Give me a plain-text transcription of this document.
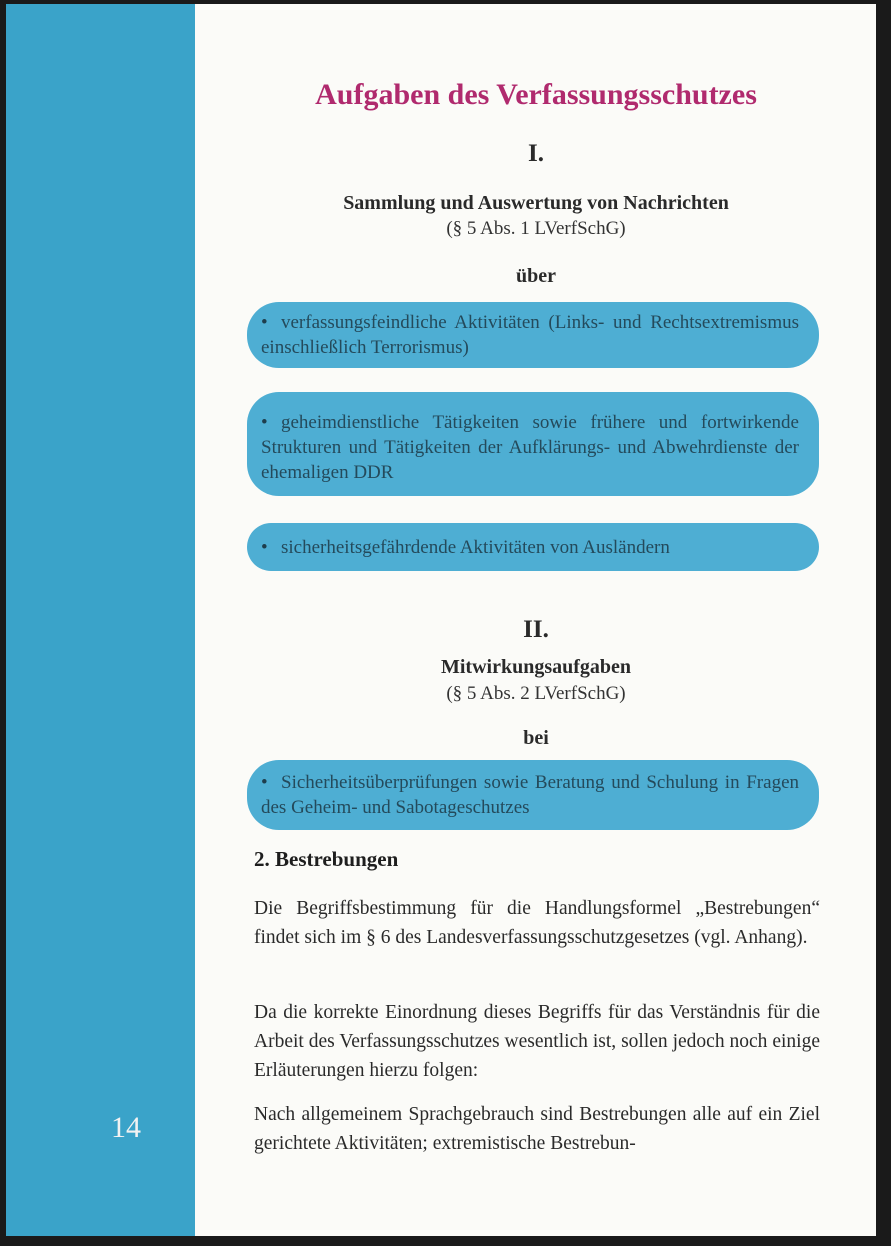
14
Aufgaben des Verfassungsschutzes
I.
Sammlung und Auswertung von Nachrichten
(§ 5 Abs. 1 LVerfSchG)
über
• verfassungsfeindliche Aktivitäten (Links- und Rechtsextremismus einschließlich Terrorismus)
• geheimdienstliche Tätigkeiten sowie frühere und fortwirkende Strukturen und Tätigkeiten der Aufklärungs- und Abwehrdienste der ehemaligen DDR
• sicherheitsgefährdende Aktivitäten von Ausländern
II.
Mitwirkungsaufgaben
(§ 5 Abs. 2 LVerfSchG)
bei
• Sicherheitsüberprüfungen sowie Beratung und Schulung in Fragen des Geheim- und Sabotageschutzes
2. Bestrebungen
Die Begriffsbestimmung für die Handlungsformel „Bestrebungen“ findet sich im § 6 des Landesverfassungsschutzgesetzes (vgl. Anhang).
Da die korrekte Einordnung dieses Begriffs für das Verständnis für die Arbeit des Verfassungsschutzes wesentlich ist, sollen jedoch noch einige Erläuterungen hierzu folgen:
Nach allgemeinem Sprachgebrauch sind Bestrebungen alle auf ein Ziel gerichtete Aktivitäten; extremistische Bestrebun-
